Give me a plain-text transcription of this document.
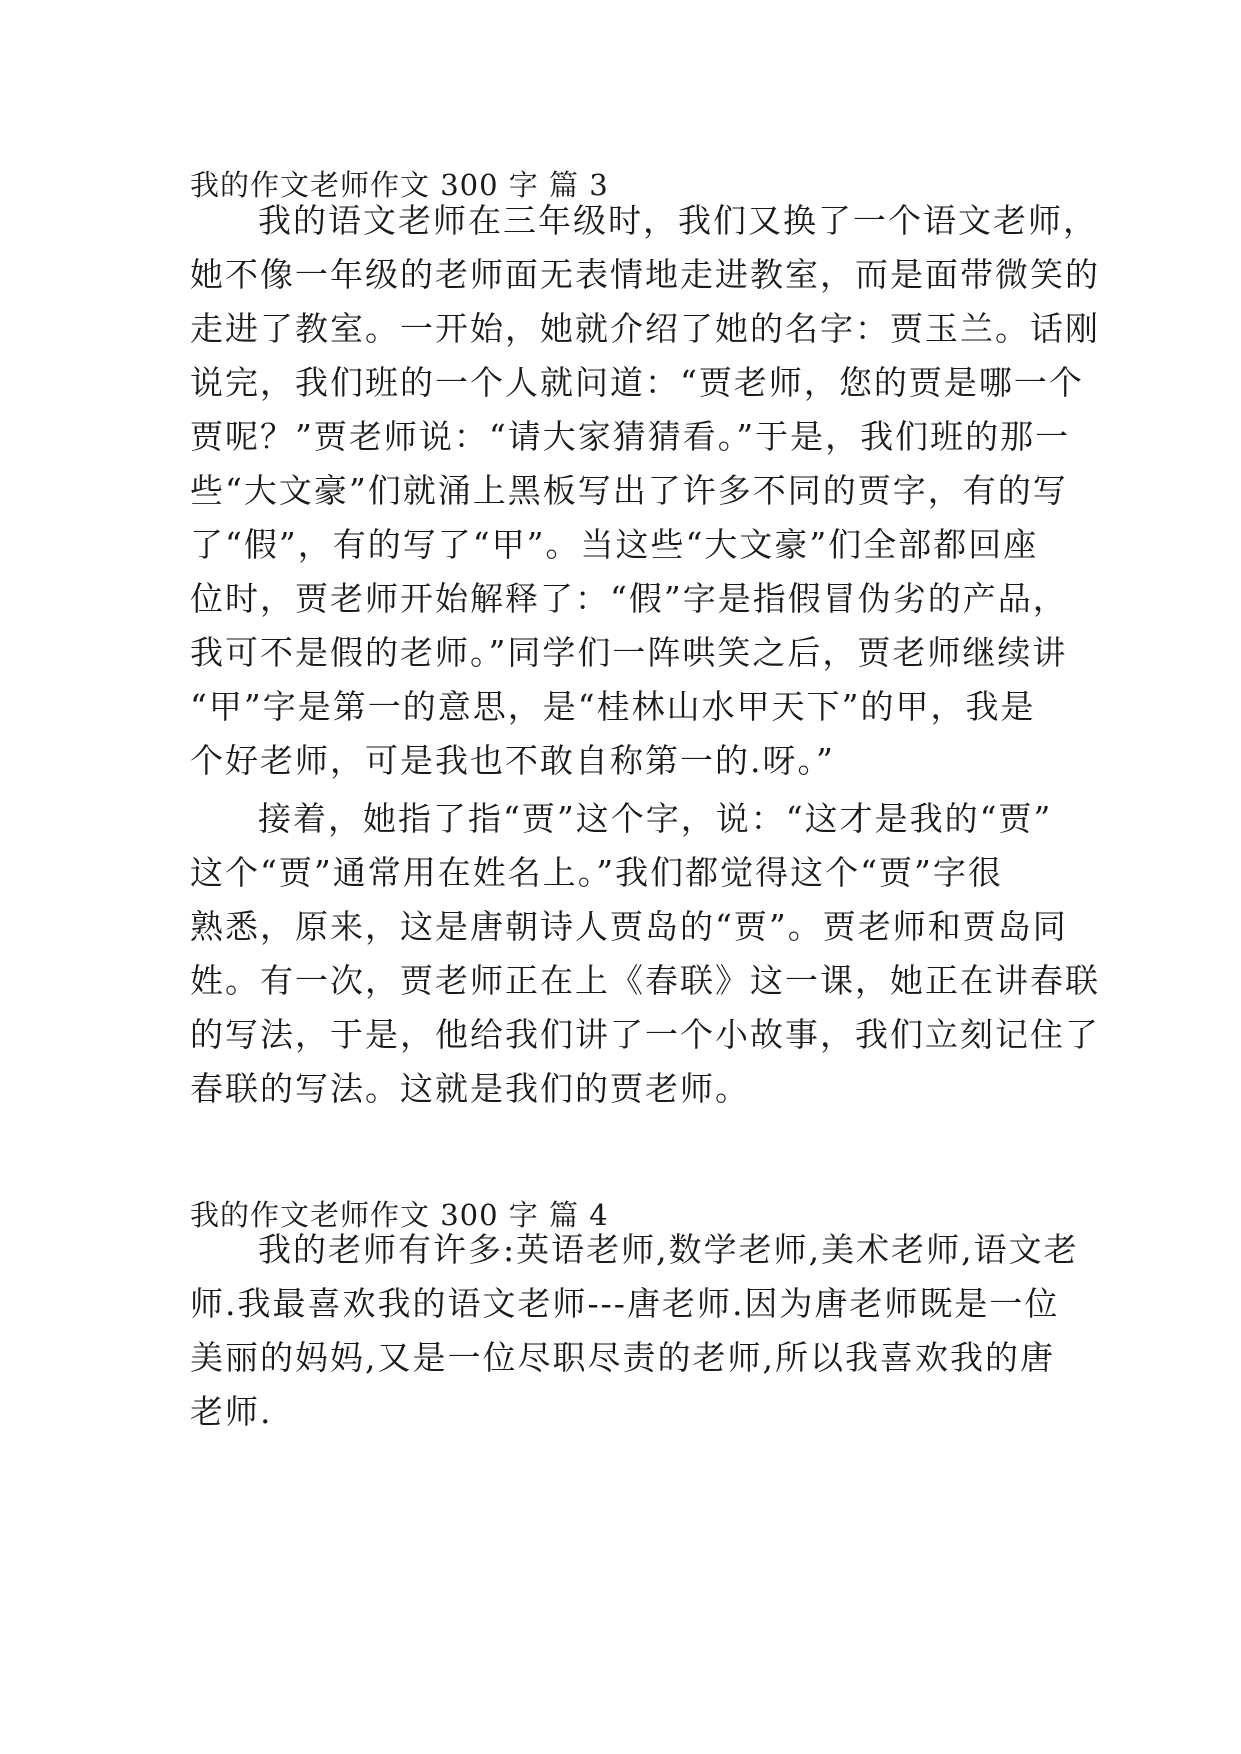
我的作文老师作文 300 字 篇 3
我的语文老师在三年级时，我们又换了一个语文老师，
她不像一年级的老师面无表情地走进教室，而是面带微笑的
走进了教室。一开始，她就介绍了她的名字：贾玉兰。话刚
说完，我们班的一个人就问道：“贾老师，您的贾是哪一个
贾呢？”贾老师说：“请大家猜猜看。”于是，我们班的那一
些“大文豪”们就涌上黑板写出了许多不同的贾字，有的写
了“假”，有的写了“甲”。当这些“大文豪”们全部都回座
位时，贾老师开始解释了：“假”字是指假冒伪劣的产品，
我可不是假的老师。”同学们一阵哄笑之后，贾老师继续讲
“甲”字是第一的意思，是“桂林山水甲天下”的甲，我是
个好老师，可是我也不敢自称第一的.呀。”
接着，她指了指“贾”这个字，说：“这才是我的“贾”
这个“贾”通常用在姓名上。”我们都觉得这个“贾”字很
熟悉，原来，这是唐朝诗人贾岛的“贾”。贾老师和贾岛同
姓。有一次，贾老师正在上《春联》这一课，她正在讲春联
的写法，于是，他给我们讲了一个小故事，我们立刻记住了
春联的写法。这就是我们的贾老师。
我的作文老师作文 300 字 篇 4
我的老师有许多:英语老师,数学老师,美术老师,语文老
师.我最喜欢我的语文老师---唐老师.因为唐老师既是一位
美丽的妈妈,又是一位尽职尽责的老师,所以我喜欢我的唐
老师.
